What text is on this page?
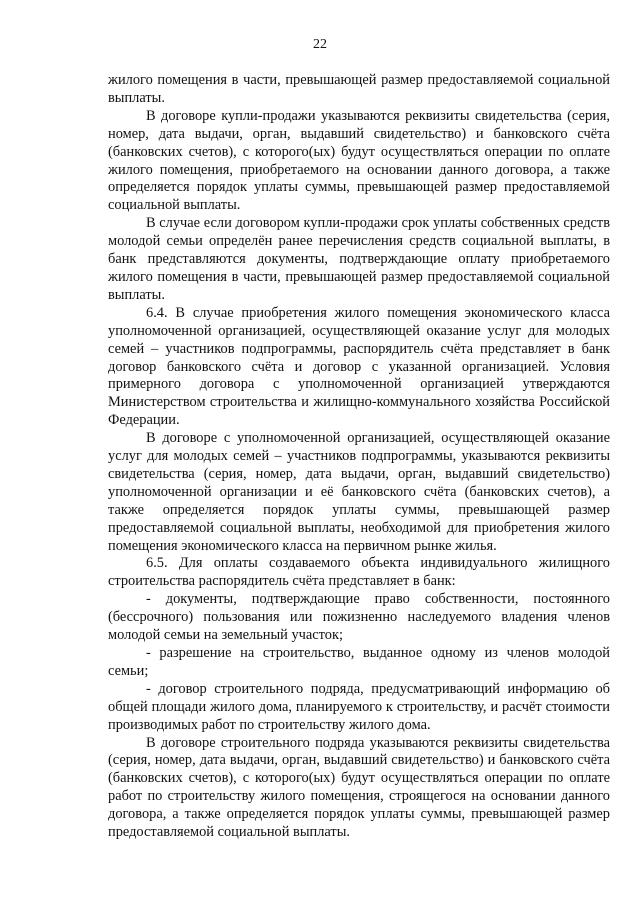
22

жилого помещения в части, превышающей размер предоставляемой социальной выплаты.

В договоре купли-продажи указываются реквизиты свидетельства (серия, номер, дата выдачи, орган, выдавший свидетельство) и банковского счёта (банковских счетов), с которого(ых) будут осуществляться операции по оплате жилого помещения, приобретаемого на основании данного договора, а также определяется порядок уплаты суммы, превышающей размер предоставляемой социальной выплаты.

В случае если договором купли-продажи срок уплаты собственных средств молодой семьи определён ранее перечисления средств социальной выплаты, в банк представляются документы, подтверждающие оплату приобретаемого жилого помещения в части, превышающей размер предоставляемой социальной выплаты.

6.4. В случае приобретения жилого помещения экономического класса уполномоченной организацией, осуществляющей оказание услуг для молодых семей – участников подпрограммы, распорядитель счёта представляет в банк договор банковского счёта и договор с указанной организацией. Условия примерного договора с уполномоченной организацией утверждаются Министерством строительства и жилищно-коммунального хозяйства Российской Федерации.

В договоре с уполномоченной организацией, осуществляющей оказание услуг для молодых семей – участников подпрограммы, указываются реквизиты свидетельства (серия, номер, дата выдачи, орган, выдавший свидетельство) уполномоченной организации и её банковского счёта (банковских счетов), а также определяется порядок уплаты суммы, превышающей размер предоставляемой социальной выплаты, необходимой для приобретения жилого помещения экономического класса на первичном рынке жилья.

6.5. Для оплаты создаваемого объекта индивидуального жилищного строительства распорядитель счёта представляет в банк:

- документы, подтверждающие право собственности, постоянного (бессрочного) пользования или пожизненно наследуемого владения членов молодой семьи на земельный участок;

- разрешение на строительство, выданное одному из членов молодой семьи;

- договор строительного подряда, предусматривающий информацию об общей площади жилого дома, планируемого к строительству, и расчёт стоимости производимых работ по строительству жилого дома.

В договоре строительного подряда указываются реквизиты свидетельства (серия, номер, дата выдачи, орган, выдавший свидетельство) и банковского счёта (банковских счетов), с которого(ых) будут осуществляться операции по оплате работ по строительству жилого помещения, строящегося на основании данного договора, а также определяется порядок уплаты суммы, превышающей размер предоставляемой социальной выплаты.
